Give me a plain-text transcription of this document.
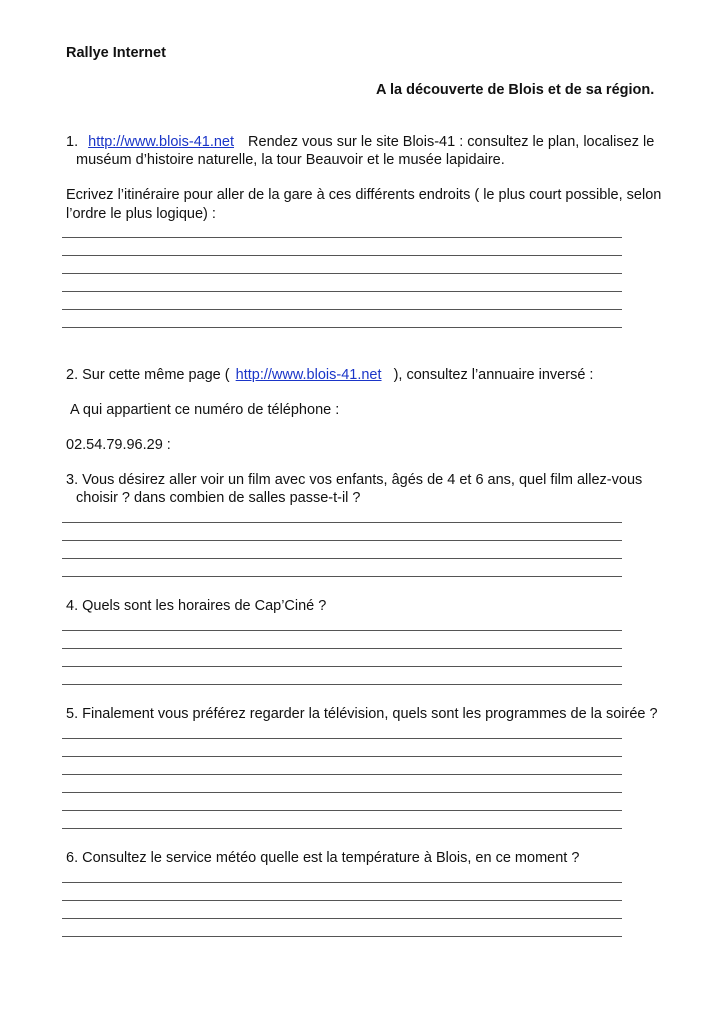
Rallye Internet
A la découverte de Blois et de sa région.
1. http://www.blois-41.net Rendez vous sur le site Blois-41 : consultez le plan, localisez le
muséum d’histoire naturelle, la tour Beauvoir et le musée lapidaire.
Ecrivez l’itinéraire pour aller de la gare à ces différents endroits ( le plus court possible, selon
l’ordre le plus logique) :
2. Sur cette même page ( http://www.blois-41.net ), consultez l’annuaire inversé :
A qui appartient ce numéro de téléphone :
02.54.79.96.29 :
3. Vous désirez aller voir un film avec vos enfants, âgés de 4 et 6 ans, quel film allez-vous
choisir ? dans combien de salles passe-t-il ?
4. Quels sont les horaires de Cap’Ciné ?
5. Finalement vous préférez regarder la télévision, quels sont les programmes de la soirée ?
6. Consultez le service météo quelle est la température à Blois, en ce moment ?
